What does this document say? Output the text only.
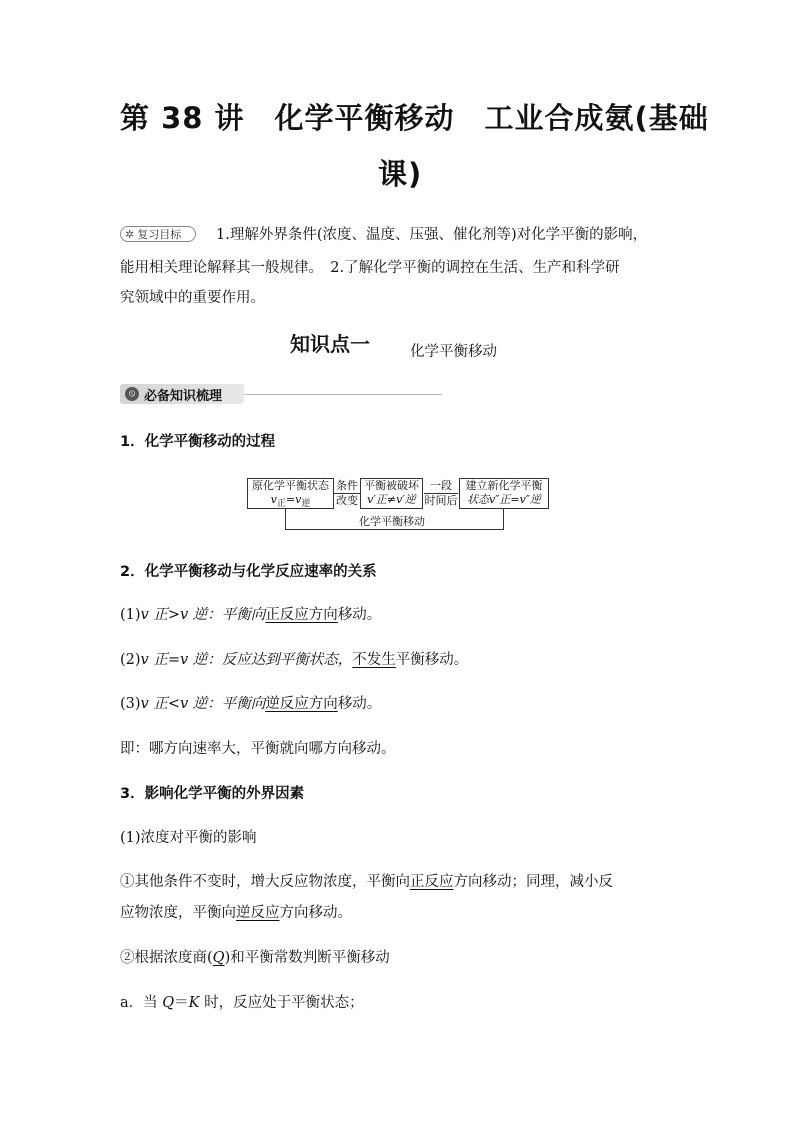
第 38 讲　化学平衡移动　工业合成氨(基础
课)
✲ 复习目标 1.理解外界条件(浓度、温度、压强、催化剂等)对化学平衡的影响，
能用相关理论解释其一般规律。　2.了解化学平衡的调控在生活、生产和科学研
究领域中的重要作用。
知识点一	化学平衡移动
⦸ 必备知识梳理
1．化学平衡移动的过程
原化学平衡状态
$v_正=v_逆$
条件
改变
平衡被破坏
v′正≠v′逆
一段
时间后
建立新化学平衡
状态v″正=v″逆
化学平衡移动
2．化学平衡移动与化学反应速率的关系
(1)v 正>v 逆：平衡向正反应方向移动。
(2)v 正=v 逆：反应达到平衡状态，不发生平衡移动。
(3)v 正<v 逆：平衡向逆反应方向移动。
即：哪方向速率大，平衡就向哪方向移动。
3．影响化学平衡的外界因素
(1)浓度对平衡的影响
①其他条件不变时，增大反应物浓度，平衡向正反应方向移动；同理，减小反
应物浓度，平衡向逆反应方向移动。
②根据浓度商(Q)和平衡常数判断平衡移动
a．当 Q＝K 时，反应处于平衡状态；
